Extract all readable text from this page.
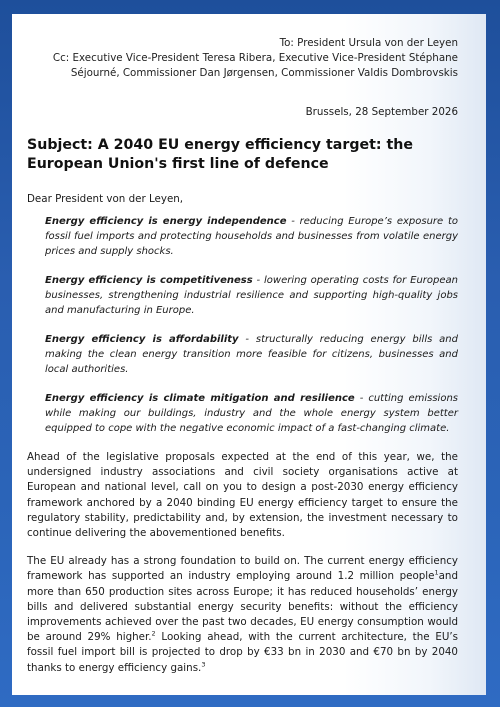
To: President Ursula von der Leyen
Cc: Executive Vice-President Teresa Ribera, Executive Vice-President Stéphane
Séjourné, Commissioner Dan Jørgensen, Commissioner Valdis Dombrovskis
Brussels, 28 September 2026
Subject: A 2040 EU energy efficiency target: the European Union's first line of defence
Dear President von der Leyen,

Energy efficiency is energy independence - reducing Europe’s exposure to fossil fuel imports and protecting households and businesses from volatile energy prices and supply shocks.

Energy efficiency is competitiveness - lowering operating costs for European businesses, strengthening industrial resilience and supporting high-quality jobs and manufacturing in Europe.

Energy efficiency is affordability - structurally reducing energy bills and making the clean energy transition more feasible for citizens, businesses and local authorities.

Energy efficiency is climate mitigation and resilience - cutting emissions while making our buildings, industry and the whole energy system better equipped to cope with the negative economic impact of a fast-changing climate.

Ahead of the legislative proposals expected at the end of this year, we, the undersigned industry associations and civil society organisations active at European and national level, call on you to design a post-2030 energy efficiency framework anchored by a 2040 binding EU energy efficiency target to ensure the regulatory stability, predictability and, by extension, the investment necessary to continue delivering the abovementioned benefits.

The EU already has a strong foundation to build on. The current energy efficiency framework has supported an industry employing around 1.2 million people$^1$and more than 650 production sites across Europe; it has reduced households’ energy bills and delivered substantial energy security benefits: without the efficiency improvements achieved over the past two decades, EU energy consumption would be around 29% higher.$^2$ Looking ahead, with the current architecture, the EU’s fossil fuel import bill is projected to drop by €33 bn in 2030 and €70 bn by 2040 thanks to energy efficiency gains.$^3$
